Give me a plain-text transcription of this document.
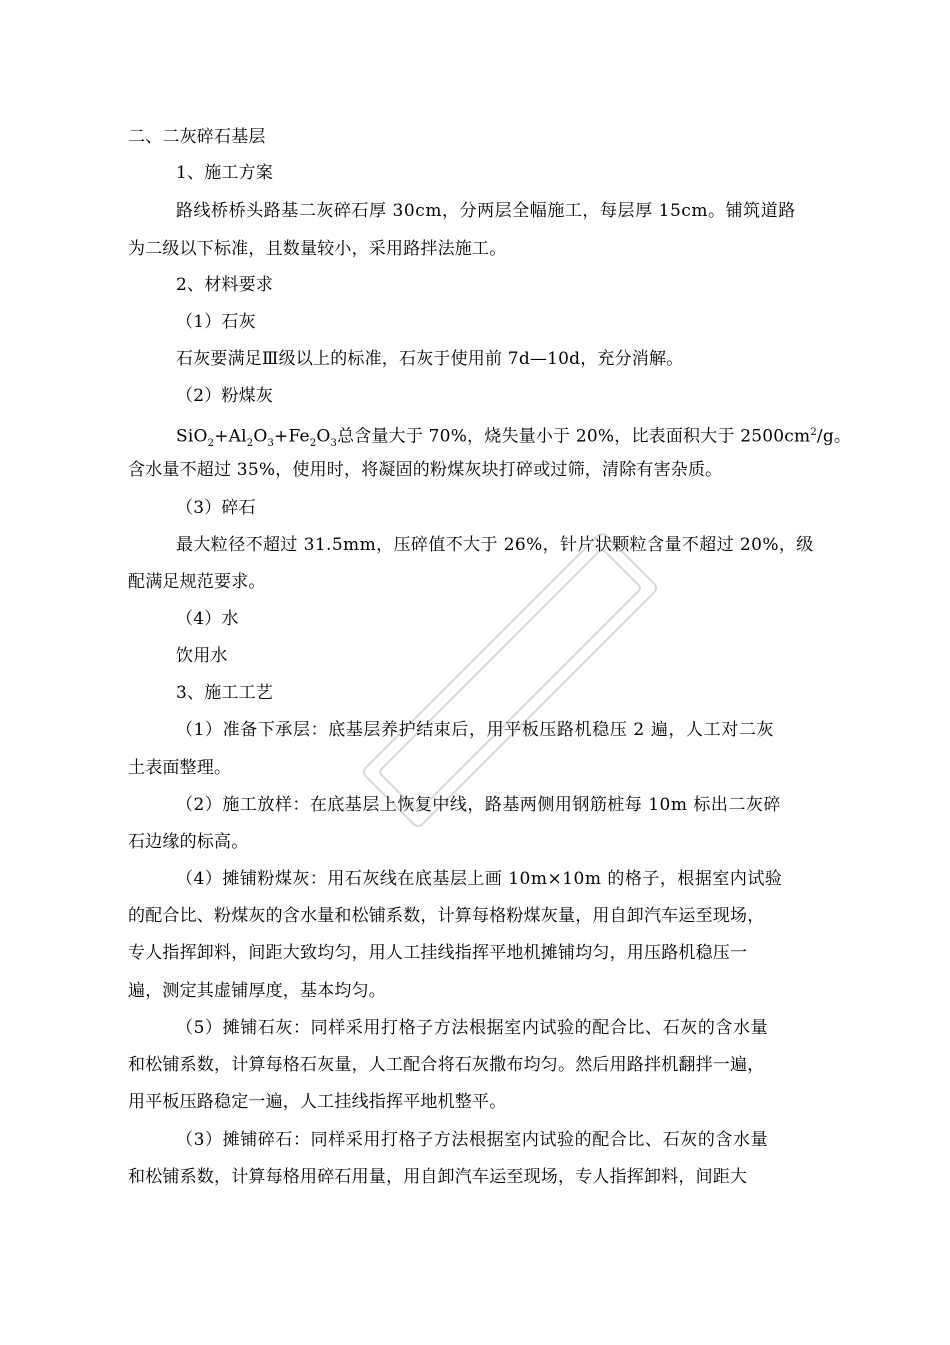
二、二灰碎石基层
1、施工方案
路线桥桥头路基二灰碎石厚 30cm，分两层全幅施工，每层厚 15cm。铺筑道路
为二级以下标准，且数量较小，采用路拌法施工。
2、材料要求
（1）石灰
石灰要满足Ⅲ级以上的标准，石灰于使用前 7d—10d，充分消解。
（2）粉煤灰
$SiO_2+Al_2O_3+Fe_2O_3$总含量大于 70%，烧失量小于 20%，比表面积大于 $2500cm^2/g$。
含水量不超过 35%，使用时，将凝固的粉煤灰块打碎或过筛，清除有害杂质。
（3）碎石
最大粒径不超过 31.5mm，压碎值不大于 26%，针片状颗粒含量不超过 20%，级
配满足规范要求。
（4）水
饮用水
3、施工工艺
（1）准备下承层：底基层养护结束后，用平板压路机稳压 2 遍，人工对二灰
土表面整理。
（2）施工放样：在底基层上恢复中线，路基两侧用钢筋桩每 10m 标出二灰碎
石边缘的标高。
（4）摊铺粉煤灰：用石灰线在底基层上画 10m×10m 的格子，根据室内试验
的配合比、粉煤灰的含水量和松铺系数，计算每格粉煤灰量，用自卸汽车运至现场，
专人指挥卸料，间距大致均匀，用人工挂线指挥平地机摊铺均匀，用压路机稳压一
遍，测定其虚铺厚度，基本均匀。
（5）摊铺石灰：同样采用打格子方法根据室内试验的配合比、石灰的含水量
和松铺系数，计算每格石灰量，人工配合将石灰撒布均匀。然后用路拌机翻拌一遍，
用平板压路稳定一遍，人工挂线指挥平地机整平。
（3）摊铺碎石：同样采用打格子方法根据室内试验的配合比、石灰的含水量
和松铺系数，计算每格用碎石用量，用自卸汽车运至现场，专人指挥卸料，间距大
